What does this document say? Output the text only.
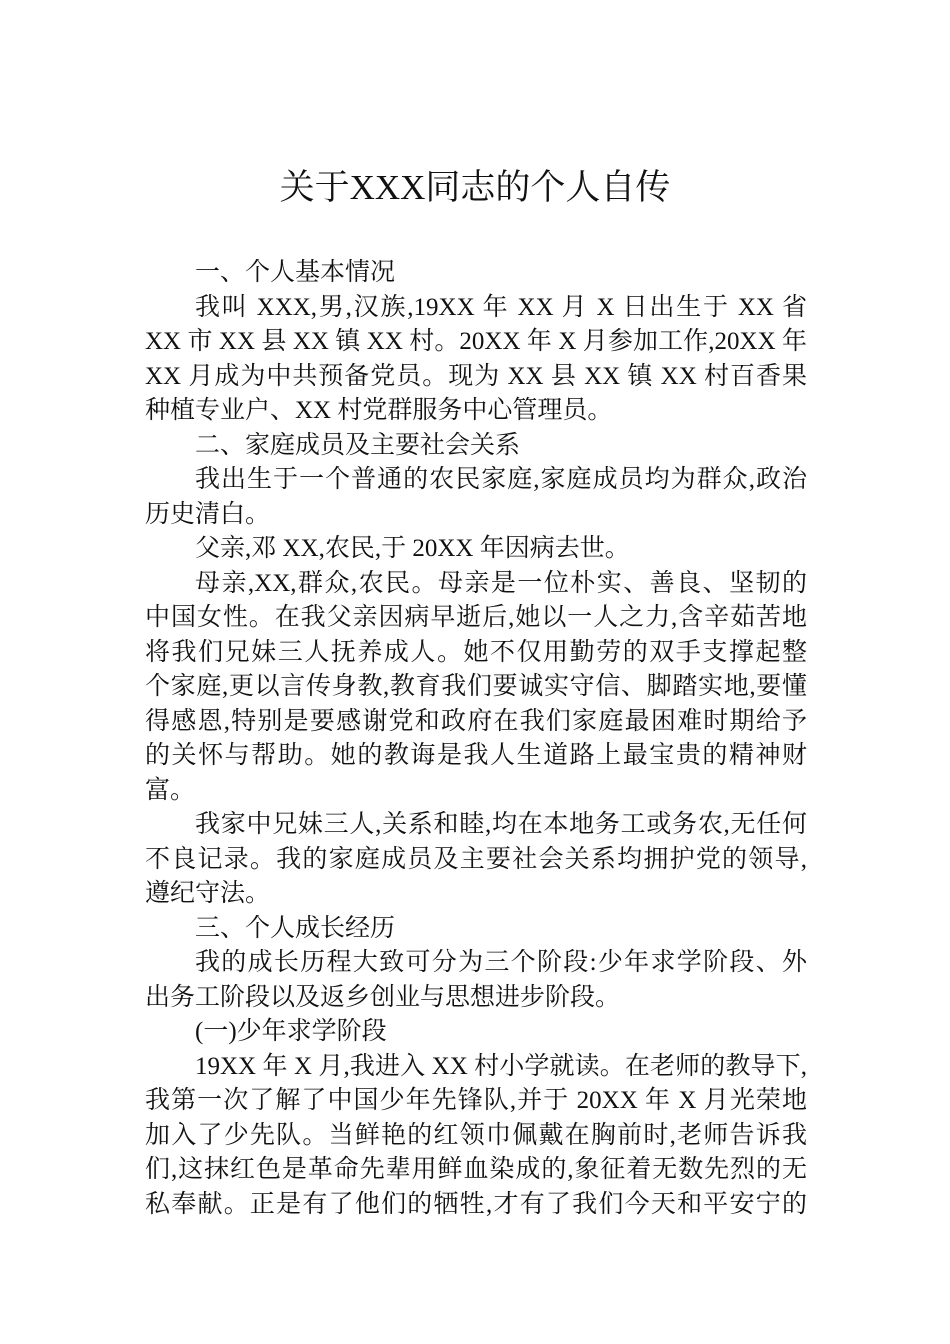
关于XXX同志的个人自传
一、个人基本情况
我叫 XXX,男,汉族,19XX 年 XX 月 X 日出生于 XX 省
XX 市 XX 县 XX 镇 XX 村。20XX 年 X 月参加工作,20XX 年
XX 月成为中共预备党员。现为 XX 县 XX 镇 XX 村百香果
种植专业户、XX 村党群服务中心管理员。
二、家庭成员及主要社会关系
我出生于一个普通的农民家庭,家庭成员均为群众,政治
历史清白。
父亲,邓 XX,农民,于 20XX 年因病去世。
母亲,XX,群众,农民。母亲是一位朴实、善良、坚韧的
中国女性。在我父亲因病早逝后,她以一人之力,含辛茹苦地
将我们兄妹三人抚养成人。她不仅用勤劳的双手支撑起整
个家庭,更以言传身教,教育我们要诚实守信、脚踏实地,要懂
得感恩,特别是要感谢党和政府在我们家庭最困难时期给予
的关怀与帮助。她的教诲是我人生道路上最宝贵的精神财
富。
我家中兄妹三人,关系和睦,均在本地务工或务农,无任何
不良记录。我的家庭成员及主要社会关系均拥护党的领导,
遵纪守法。
三、个人成长经历
我的成长历程大致可分为三个阶段:少年求学阶段、外
出务工阶段以及返乡创业与思想进步阶段。
(一)少年求学阶段
19XX 年 X 月,我进入 XX 村小学就读。在老师的教导下,
我第一次了解了中国少年先锋队,并于 20XX 年 X 月光荣地
加入了少先队。当鲜艳的红领巾佩戴在胸前时,老师告诉我
们,这抹红色是革命先辈用鲜血染成的,象征着无数先烈的无
私奉献。正是有了他们的牺牲,才有了我们今天和平安宁的
